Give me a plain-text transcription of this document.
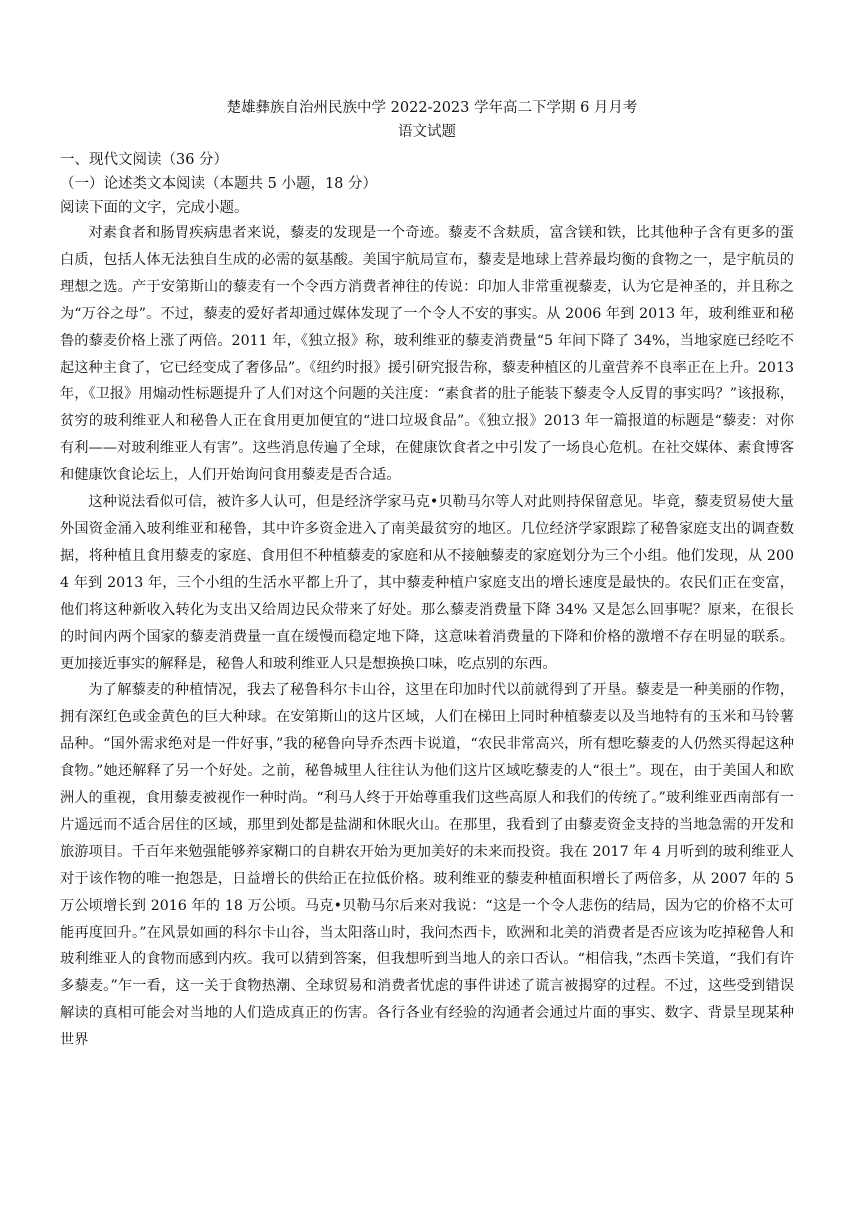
楚雄彝族自治州民族中学 2022-2023 学年高二下学期 6 月月考

语文试题

一、现代文阅读（36 分）

（一）论述类文本阅读（本题共 5 小题，18 分）

阅读下面的文字，完成小题。

对素食者和肠胃疾病患者来说，藜麦的发现是一个奇迹。藜麦不含麸质，富含镁和铁，比其他种子含有更多的蛋白质，包括人体无法独自生成的必需的氨基酸。美国宇航局宣布，藜麦是地球上营养最均衡的食物之一，是宇航员的理想之选。产于安第斯山的藜麦有一个令西方消费者神往的传说：印加人非常重视藜麦，认为它是神圣的，并且称之为“万谷之母”。不过，藜麦的爱好者却通过媒体发现了一个令人不安的事实。从 2006 年到 2013 年，玻利维亚和秘鲁的藜麦价格上涨了两倍。2011 年，《独立报》称，玻利维亚的藜麦消费量“5 年间下降了 34%，当地家庭已经吃不起这种主食了，它已经变成了奢侈品”。《纽约时报》援引研究报告称，藜麦种植区的儿童营养不良率正在上升。2013 年，《卫报》用煽动性标题提升了人们对这个问题的关注度：“素食者的肚子能装下藜麦令人反胃的事实吗？”该报称，贫穷的玻利维亚人和秘鲁人正在食用更加便宜的“进口垃圾食品”。《独立报》2013 年一篇报道的标题是“藜麦：对你有利——对玻利维亚人有害”。这些消息传遍了全球，在健康饮食者之中引发了一场良心危机。在社交媒体、素食博客和健康饮食论坛上，人们开始询问食用藜麦是否合适。

这种说法看似可信，被许多人认可，但是经济学家马克•贝勒马尔等人对此则持保留意见。毕竟，藜麦贸易使大量外国资金涌入玻利维亚和秘鲁，其中许多资金进入了南美最贫穷的地区。几位经济学家跟踪了秘鲁家庭支出的调查数据，将种植且食用藜麦的家庭、食用但不种植藜麦的家庭和从不接触藜麦的家庭划分为三个小组。他们发现，从 2004 年到 2013 年，三个小组的生活水平都上升了，其中藜麦种植户家庭支出的增长速度是最快的。农民们正在变富，他们将这种新收入转化为支出又给周边民众带来了好处。那么藜麦消费量下降 34% 又是怎么回事呢？原来，在很长的时间内两个国家的藜麦消费量一直在缓慢而稳定地下降，这意味着消费量的下降和价格的激增不存在明显的联系。更加接近事实的解释是，秘鲁人和玻利维亚人只是想换换口味，吃点别的东西。

为了解藜麦的种植情况，我去了秘鲁科尔卡山谷，这里在印加时代以前就得到了开垦。藜麦是一种美丽的作物，拥有深红色或金黄色的巨大种球。在安第斯山的这片区域，人们在梯田上同时种植藜麦以及当地特有的玉米和马铃薯品种。“国外需求绝对是一件好事，”我的秘鲁向导乔杰西卡说道，“农民非常高兴，所有想吃藜麦的人仍然买得起这种食物。”她还解释了另一个好处。之前，秘鲁城里人往往认为他们这片区域吃藜麦的人“很土”。现在，由于美国人和欧洲人的重视，食用藜麦被视作一种时尚。“利马人终于开始尊重我们这些高原人和我们的传统了。”玻利维亚西南部有一片遥远而不适合居住的区域，那里到处都是盐湖和休眠火山。在那里，我看到了由藜麦资金支持的当地急需的开发和旅游项目。千百年来勉强能够养家糊口的自耕农开始为更加美好的未来而投资。我在 2017 年 4 月听到的玻利维亚人对于该作物的唯一抱怨是，日益增长的供给正在拉低价格。玻利维亚的藜麦种植面积增长了两倍多，从 2007 年的 5 万公顷增长到 2016 年的 18 万公顷。马克•贝勒马尔后来对我说：“这是一个令人悲伤的结局，因为它的价格不太可能再度回升。”在风景如画的科尔卡山谷，当太阳落山时，我问杰西卡，欧洲和北美的消费者是否应该为吃掉秘鲁人和玻利维亚人的食物而感到内疚。我可以猜到答案，但我想听到当地人的亲口否认。“相信我，”杰西卡笑道，“我们有许多藜麦。”乍一看，这一关于食物热潮、全球贸易和消费者忧虑的事件讲述了谎言被揭穿的过程。不过，这些受到错误解读的真相可能会对当地的人们造成真正的伤害。各行各业有经验的沟通者会通过片面的事实、数字、背景呈现某种世界
